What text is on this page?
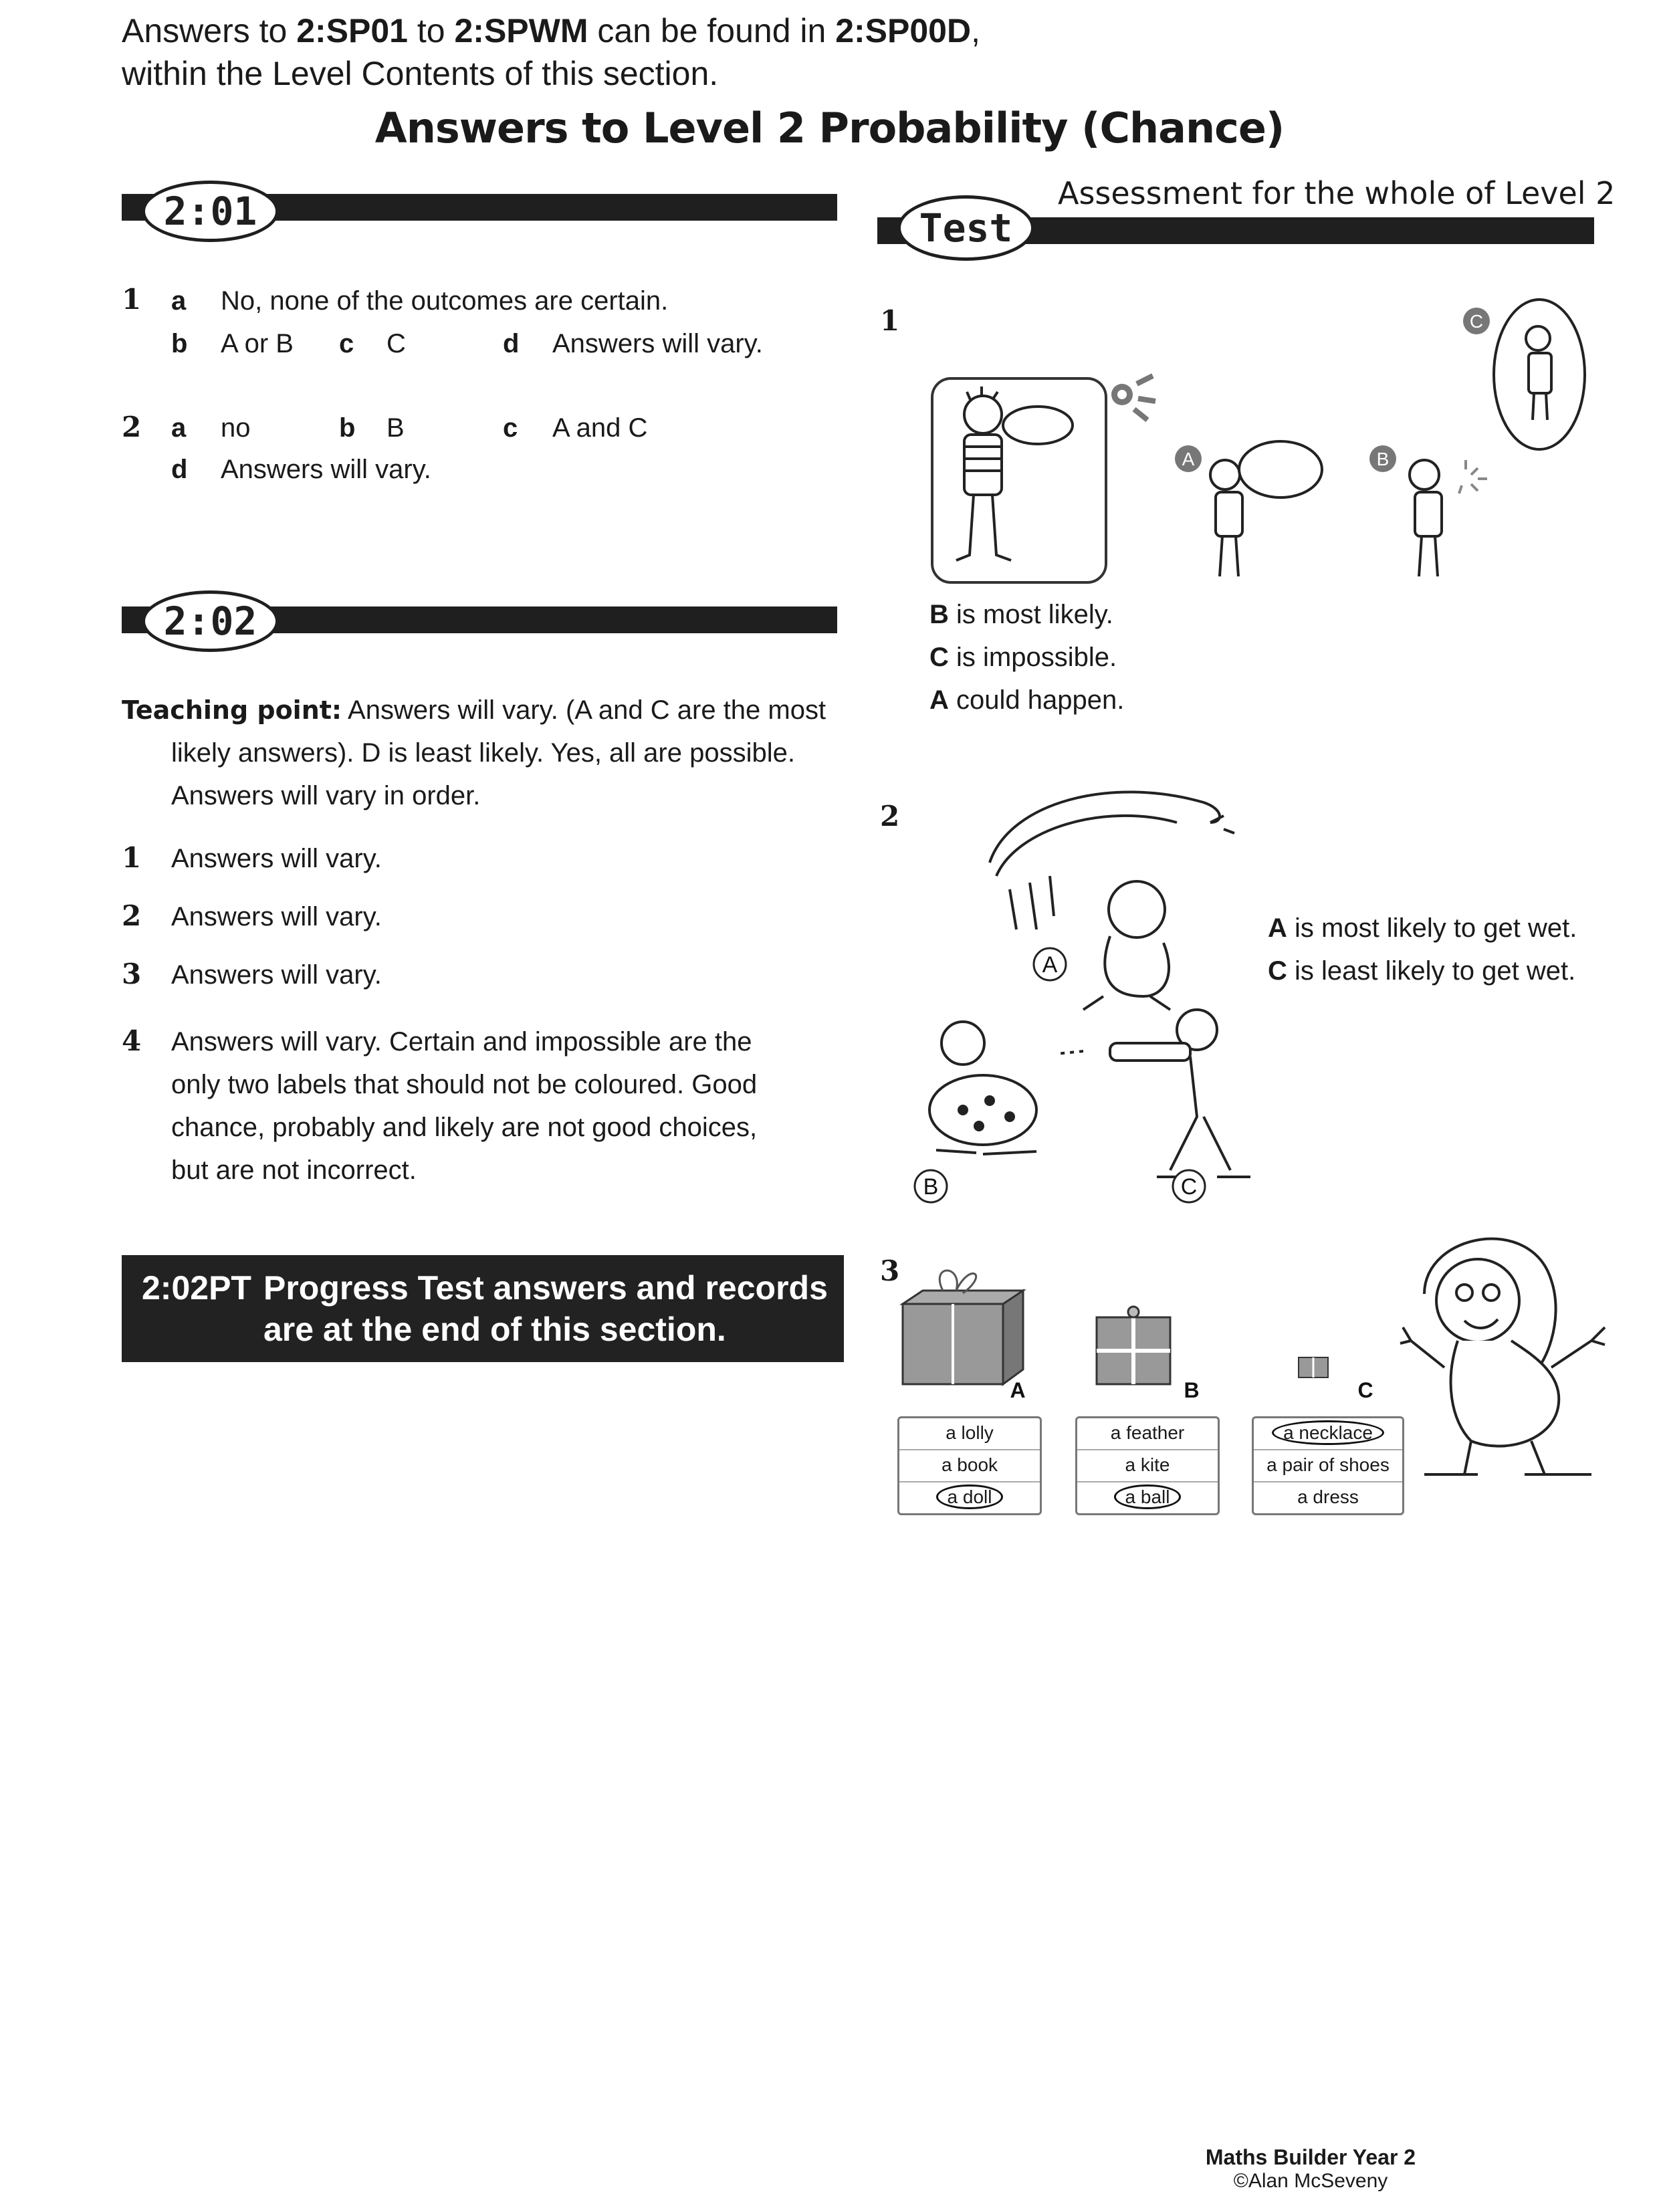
Answers to 2:SP01 to 2:SPWM can be found in 2:SP00D,
within the Level Contents of this section.
Answers to Level 2 Probability (Chance)
2:01
1 a No, none of the outcomes are certain.
b A or B c C	d Answers will vary.
2 a no	b B	c A and C
d Answers will vary.
2:02
Teaching point: Answers will vary. (A and C are the most
likely answers). D is least likely. Yes, all are possible.
Answers will vary in order.
1 Answers will vary.
2 Answers will vary.
3 Answers will vary.
4 Answers will vary. Certain and impossible are the
only two labels that should not be coloured. Good
chance, probably and likely are not good choices,
but are not incorrect.
2:02PT Progress Test answers and records
are at the end of this section.
Assessment for the whole of Level 2
Test
1
A	B
C
B is most likely.
C is impossible.
A could happen.
2
A
B	C
A is most likely to get wet.
C is least likely to get wet.
3
A	B	C
a lolly
a book
a doll
a feather
a kite
a ball
a necklace
a pair of shoes
a dress
Maths Builder Year 2
©Alan McSeveny
